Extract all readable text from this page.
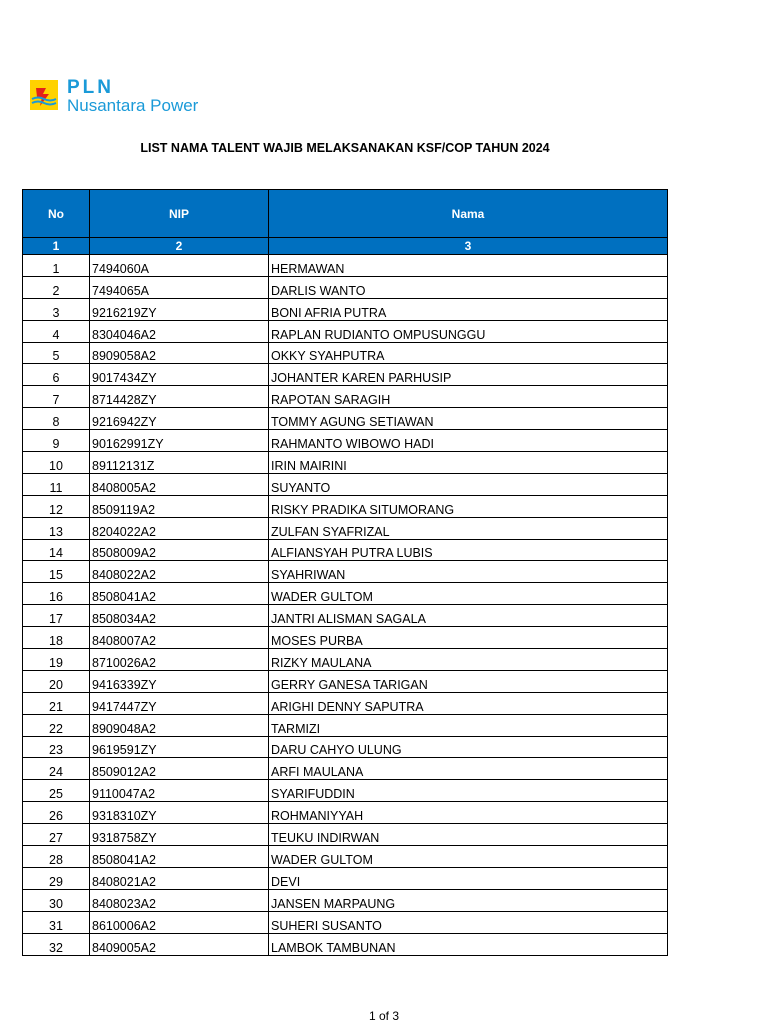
PLN
Nusantara Power
LIST NAMA TALENT WAJIB MELAKSANAKAN KSF/COP TAHUN 2024
No	NIP	Nama
1	2	3
1	7494060A	HERMAWAN
2	7494065A	DARLIS WANTO
3	9216219ZY	BONI AFRIA PUTRA
4	8304046A2	RAPLAN RUDIANTO OMPUSUNGGU
5	8909058A2	OKKY SYAHPUTRA
6	9017434ZY	JOHANTER KAREN PARHUSIP
7	8714428ZY	RAPOTAN SARAGIH
8	9216942ZY	TOMMY AGUNG SETIAWAN
9	90162991ZY	RAHMANTO WIBOWO HADI
10	89112131Z	IRIN MAIRINI
11	8408005A2	SUYANTO
12	8509119A2	RISKY PRADIKA SITUMORANG
13	8204022A2	ZULFAN SYAFRIZAL
14	8508009A2	ALFIANSYAH PUTRA LUBIS
15	8408022A2	SYAHRIWAN
16	8508041A2	WADER GULTOM
17	8508034A2	JANTRI ALISMAN SAGALA
18	8408007A2	MOSES PURBA
19	8710026A2	RIZKY MAULANA
20	9416339ZY	GERRY GANESA TARIGAN
21	9417447ZY	ARIGHI DENNY SAPUTRA
22	8909048A2	TARMIZI
23	9619591ZY	DARU CAHYO ULUNG
24	8509012A2	ARFI MAULANA
25	9110047A2	SYARIFUDDIN
26	9318310ZY	ROHMANIYYAH
27	9318758ZY	TEUKU INDIRWAN
28	8508041A2	WADER GULTOM
29	8408021A2	DEVI
30	8408023A2	JANSEN MARPAUNG
31	8610006A2	SUHERI SUSANTO
32	8409005A2	LAMBOK TAMBUNAN
1 of 3
